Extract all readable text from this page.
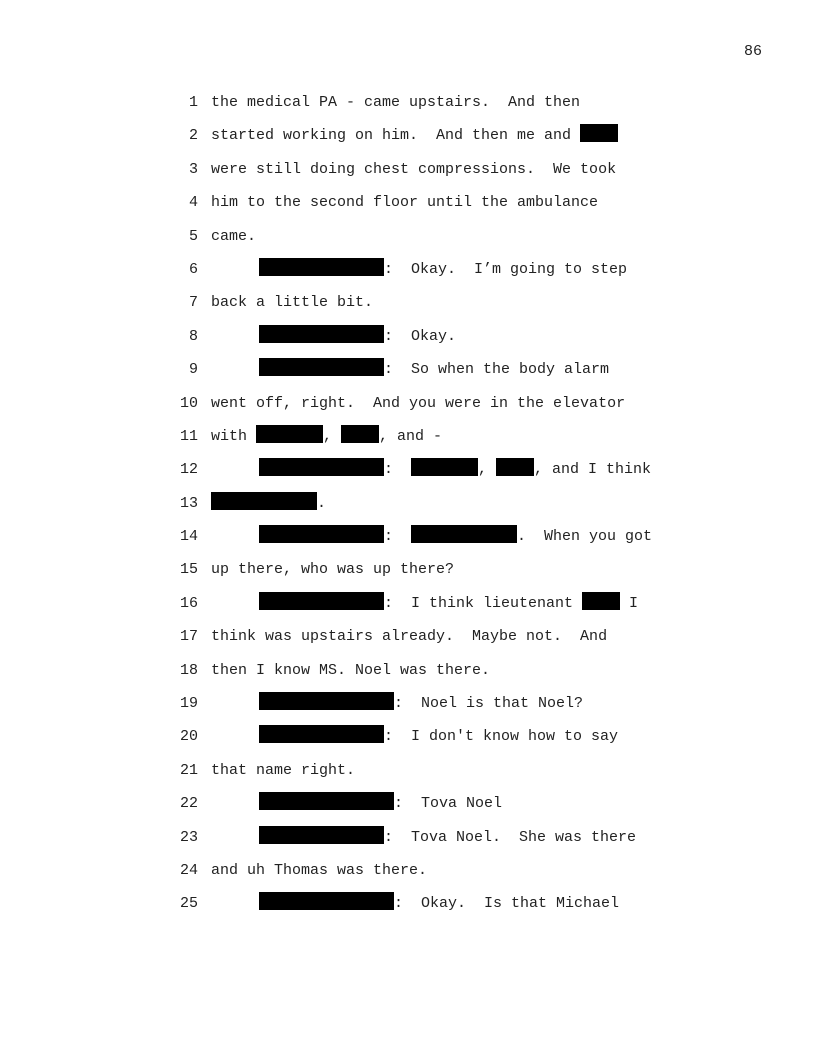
86
1 the medical PA - came upstairs.  And then
2 started working on him.  And then me and
3 were still doing chest compressions.  We took
4 him to the second floor until the ambulance
5 came.
6	:  Okay.  I’m going to step
7 back a little bit.
8	:  Okay.
9	:  So when the body alarm
10 went off, right.  And you were in the elevator
11 with	,	, and -
12	:	,	, and I think
13	.
14	:	.  When you got
15 up there, who was up there?
16	:  I think lieutenant	I
17 think was upstairs already.  Maybe not.  And
18 then I know MS. Noel was there.
19	:  Noel is that Noel?
20	:  I don't know how to say
21 that name right.
22	:  Tova Noel
23	:  Tova Noel.  She was there
24 and uh Thomas was there.
25	:  Okay.  Is that Michael
